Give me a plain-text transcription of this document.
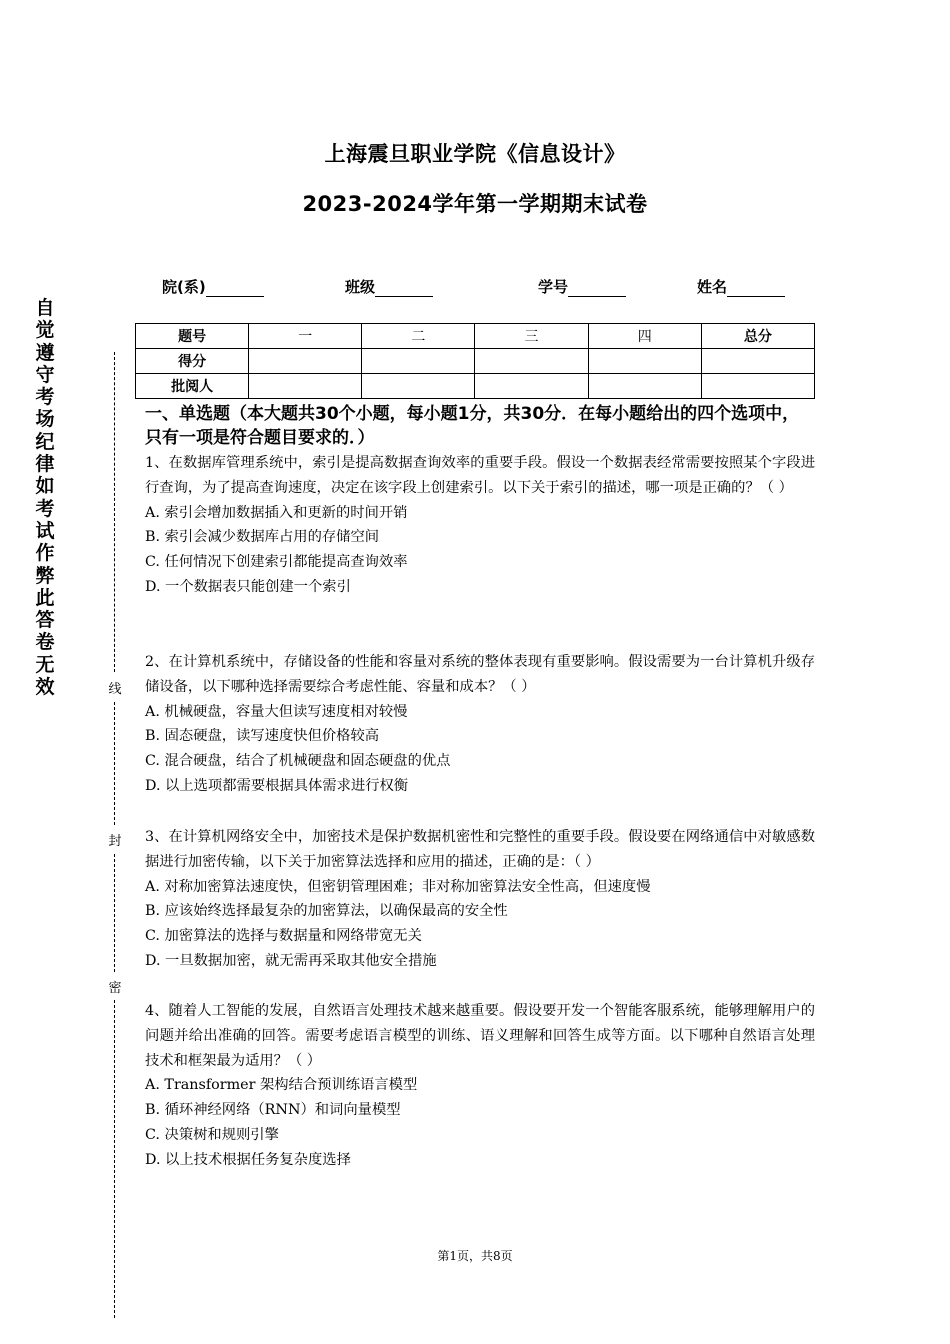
上海震旦职业学院《信息设计》
2023-2024学年第一学期期末试卷
院(系)	班级	学号	姓名
题号	一	二	三	四	总分
得分					
批阅人					
自觉遵守考场纪律如考试作弊此答卷无效	线
封
密
一、单选题（本大题共30个小题，每小题1分，共30分．在每小题给出的四个选项中，只有一项是符合题目要求的．）
1、在数据库管理系统中，索引是提高数据查询效率的重要手段。假设一个数据表经常需要按照某个字段进行查询，为了提高查询速度，决定在该字段上创建索引。以下关于索引的描述，哪一项是正确的？（ ）
A. 索引会增加数据插入和更新的时间开销
B. 索引会减少数据库占用的存储空间
C. 任何情况下创建索引都能提高查询效率
D. 一个数据表只能创建一个索引
2、在计算机系统中，存储设备的性能和容量对系统的整体表现有重要影响。假设需要为一台计算机升级存储设备，以下哪种选择需要综合考虑性能、容量和成本？（ ）
A. 机械硬盘，容量大但读写速度相对较慢
B. 固态硬盘，读写速度快但价格较高
C. 混合硬盘，结合了机械硬盘和固态硬盘的优点
D. 以上选项都需要根据具体需求进行权衡
3、在计算机网络安全中，加密技术是保护数据机密性和完整性的重要手段。假设要在网络通信中对敏感数据进行加密传输，以下关于加密算法选择和应用的描述，正确的是：（ ）
A. 对称加密算法速度快，但密钥管理困难；非对称加密算法安全性高，但速度慢
B. 应该始终选择最复杂的加密算法，以确保最高的安全性
C. 加密算法的选择与数据量和网络带宽无关
D. 一旦数据加密，就无需再采取其他安全措施
4、随着人工智能的发展，自然语言处理技术越来越重要。假设要开发一个智能客服系统，能够理解用户的问题并给出准确的回答。需要考虑语言模型的训练、语义理解和回答生成等方面。以下哪种自然语言处理技术和框架最为适用？（ ）
A. Transformer 架构结合预训练语言模型
B. 循环神经网络（RNN）和词向量模型
C. 决策树和规则引擎
D. 以上技术根据任务复杂度选择
第1页，共8页
